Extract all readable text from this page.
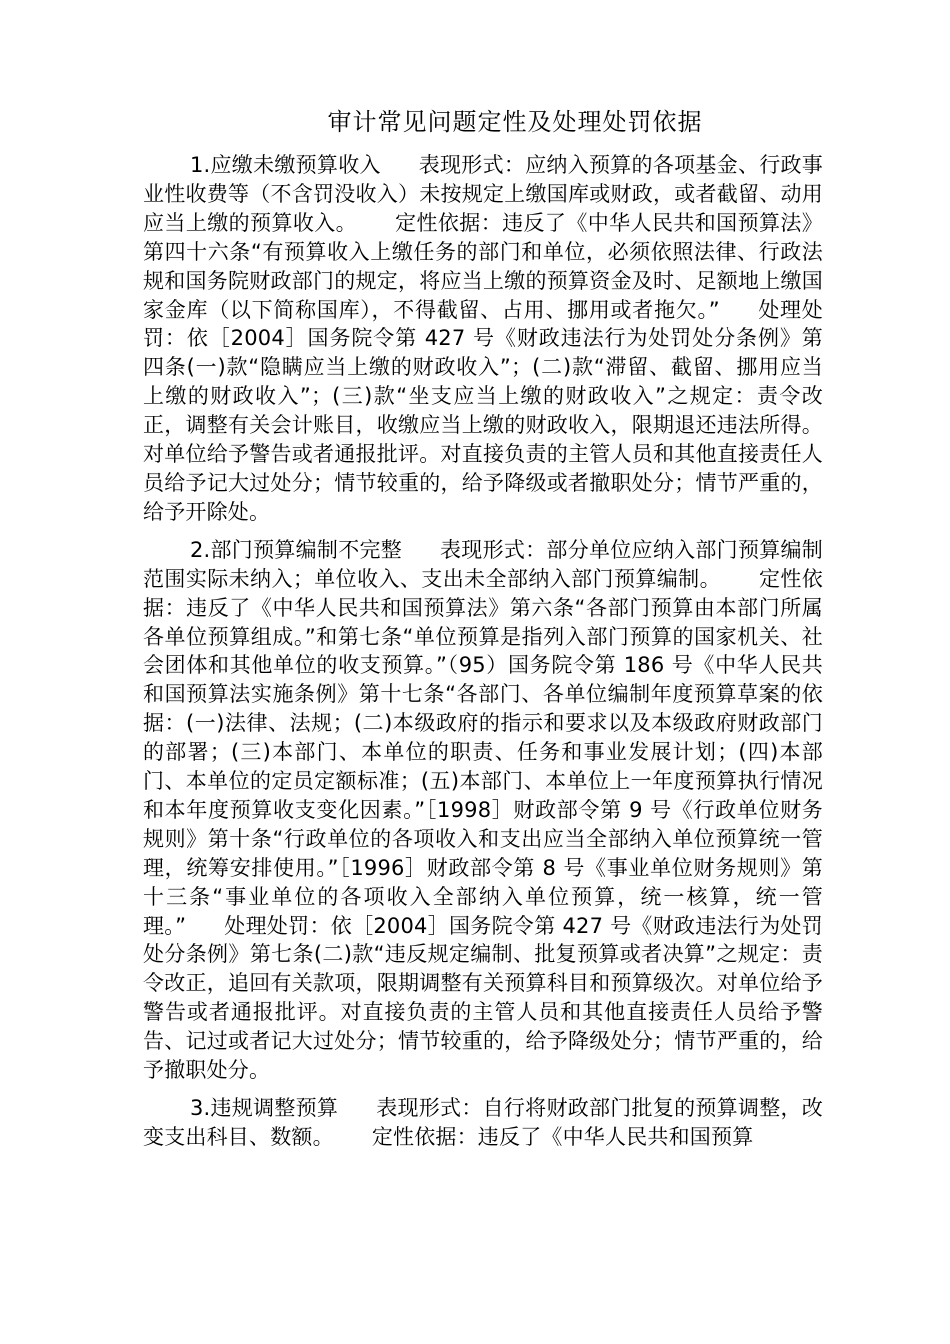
审计常见问题定性及处理处罚依据

1.应缴未缴预算收入 表现形式：应纳入预算的各项基金、行政事业性收费等（不含罚没收入）未按规定上缴国库或财政，或者截留、动用应当上缴的预算收入。 定性依据：违反了《中华人民共和国预算法》第四十六条“有预算收入上缴任务的部门和单位，必须依照法律、行政法规和国务院财政部门的规定，将应当上缴的预算资金及时、足额地上缴国家金库（以下简称国库），不得截留、占用、挪用或者拖欠。” 处理处罚：依［2004］国务院令第 427 号《财政违法行为处罚处分条例》第四条(一)款“隐瞒应当上缴的财政收入”；(二)款“滞留、截留、挪用应当上缴的财政收入”；(三)款“坐支应当上缴的财政收入”之规定：责令改正，调整有关会计账目，收缴应当上缴的财政收入，限期退还违法所得。对单位给予警告或者通报批评。对直接负责的主管人员和其他直接责任人员给予记大过处分；情节较重的，给予降级或者撤职处分；情节严重的，给予开除处。

2.部门预算编制不完整 表现形式：部分单位应纳入部门预算编制范围实际未纳入；单位收入、支出未全部纳入部门预算编制。 定性依据：违反了《中华人民共和国预算法》第六条“各部门预算由本部门所属各单位预算组成。”和第七条“单位预算是指列入部门预算的国家机关、社会团体和其他单位的收支预算。”（95）国务院令第 186 号《中华人民共和国预算法实施条例》第十七条“各部门、各单位编制年度预算草案的依据：(一)法律、法规；(二)本级政府的指示和要求以及本级政府财政部门的部署；(三)本部门、本单位的职责、任务和事业发展计划；(四)本部门、本单位的定员定额标准；(五)本部门、本单位上一年度预算执行情况和本年度预算收支变化因素。”［1998］财政部令第 9 号《行政单位财务规则》第十条“行政单位的各项收入和支出应当全部纳入单位预算统一管理，统筹安排使用。”［1996］财政部令第 8 号《事业单位财务规则》第十三条“事业单位的各项收入全部纳入单位预算，统一核算，统一管理。” 处理处罚：依［2004］国务院令第 427 号《财政违法行为处罚处分条例》第七条(二)款“违反规定编制、批复预算或者决算”之规定：责令改正，追回有关款项，限期调整有关预算科目和预算级次。对单位给予警告或者通报批评。对直接负责的主管人员和其他直接责任人员给予警告、记过或者记大过处分；情节较重的，给予降级处分；情节严重的，给予撤职处分。

3.违规调整预算 表现形式：自行将财政部门批复的预算调整，改变支出科目、数额。 定性依据：违反了《中华人民共和国预算
